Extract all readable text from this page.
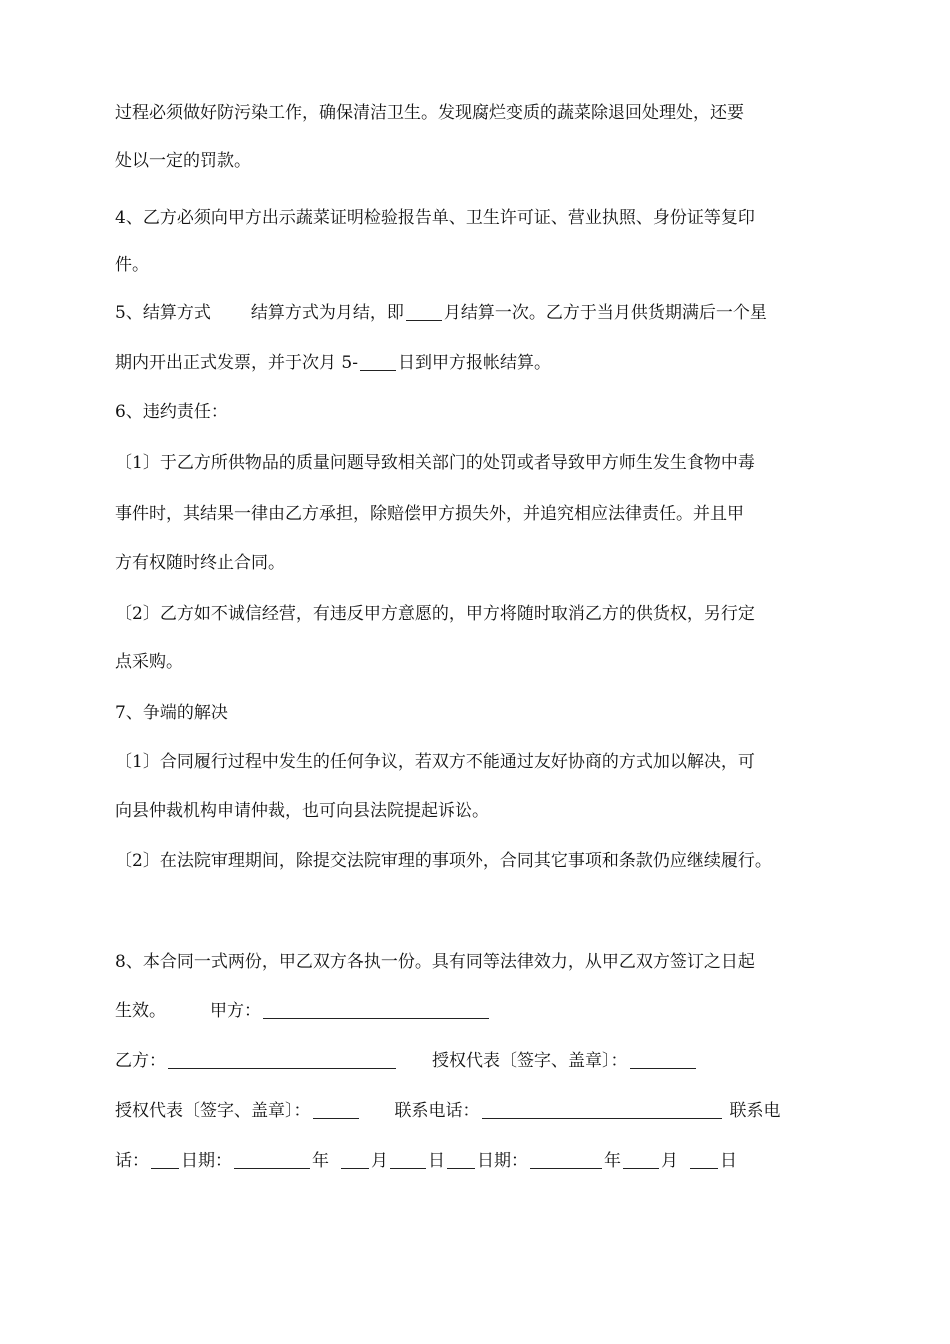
过程必须做好防污染工作，确保清洁卫生。发现腐烂变质的蔬菜除退回处理处，还要
处以一定的罚款。
4、乙方必须向甲方出示蔬菜证明检验报告单、卫生许可证、营业执照、身份证等复印
件。
5、结算方式 结算方式为月结，即 月结算一次。乙方于当月供货期满后一个星
期内开出正式发票，并于次月 5- 日到甲方报帐结算。
6、违约责任：
〔1〕于乙方所供物品的质量问题导致相关部门的处罚或者导致甲方师生发生食物中毒
事件时，其结果一律由乙方承担，除赔偿甲方损失外，并追究相应法律责任。并且甲
方有权随时终止合同。
〔2〕乙方如不诚信经营，有违反甲方意愿的，甲方将随时取消乙方的供货权，另行定
点采购。
7、争端的解决
〔1〕合同履行过程中发生的任何争议，若双方不能通过友好协商的方式加以解决，可
向县仲裁机构申请仲裁，也可向县法院提起诉讼。
〔2〕在法院审理期间，除提交法院审理的事项外，合同其它事项和条款仍应继续履行。
8、本合同一式两份，甲乙双方各执一份。具有同等法律效力，从甲乙双方签订之日起
生效。	甲方：
乙方：	授权代表〔签字、盖章〕：
授权代表〔签字、盖章〕：	联系电话：	联系电
话： 日期：	年 月 日 日期：	年 月 日
